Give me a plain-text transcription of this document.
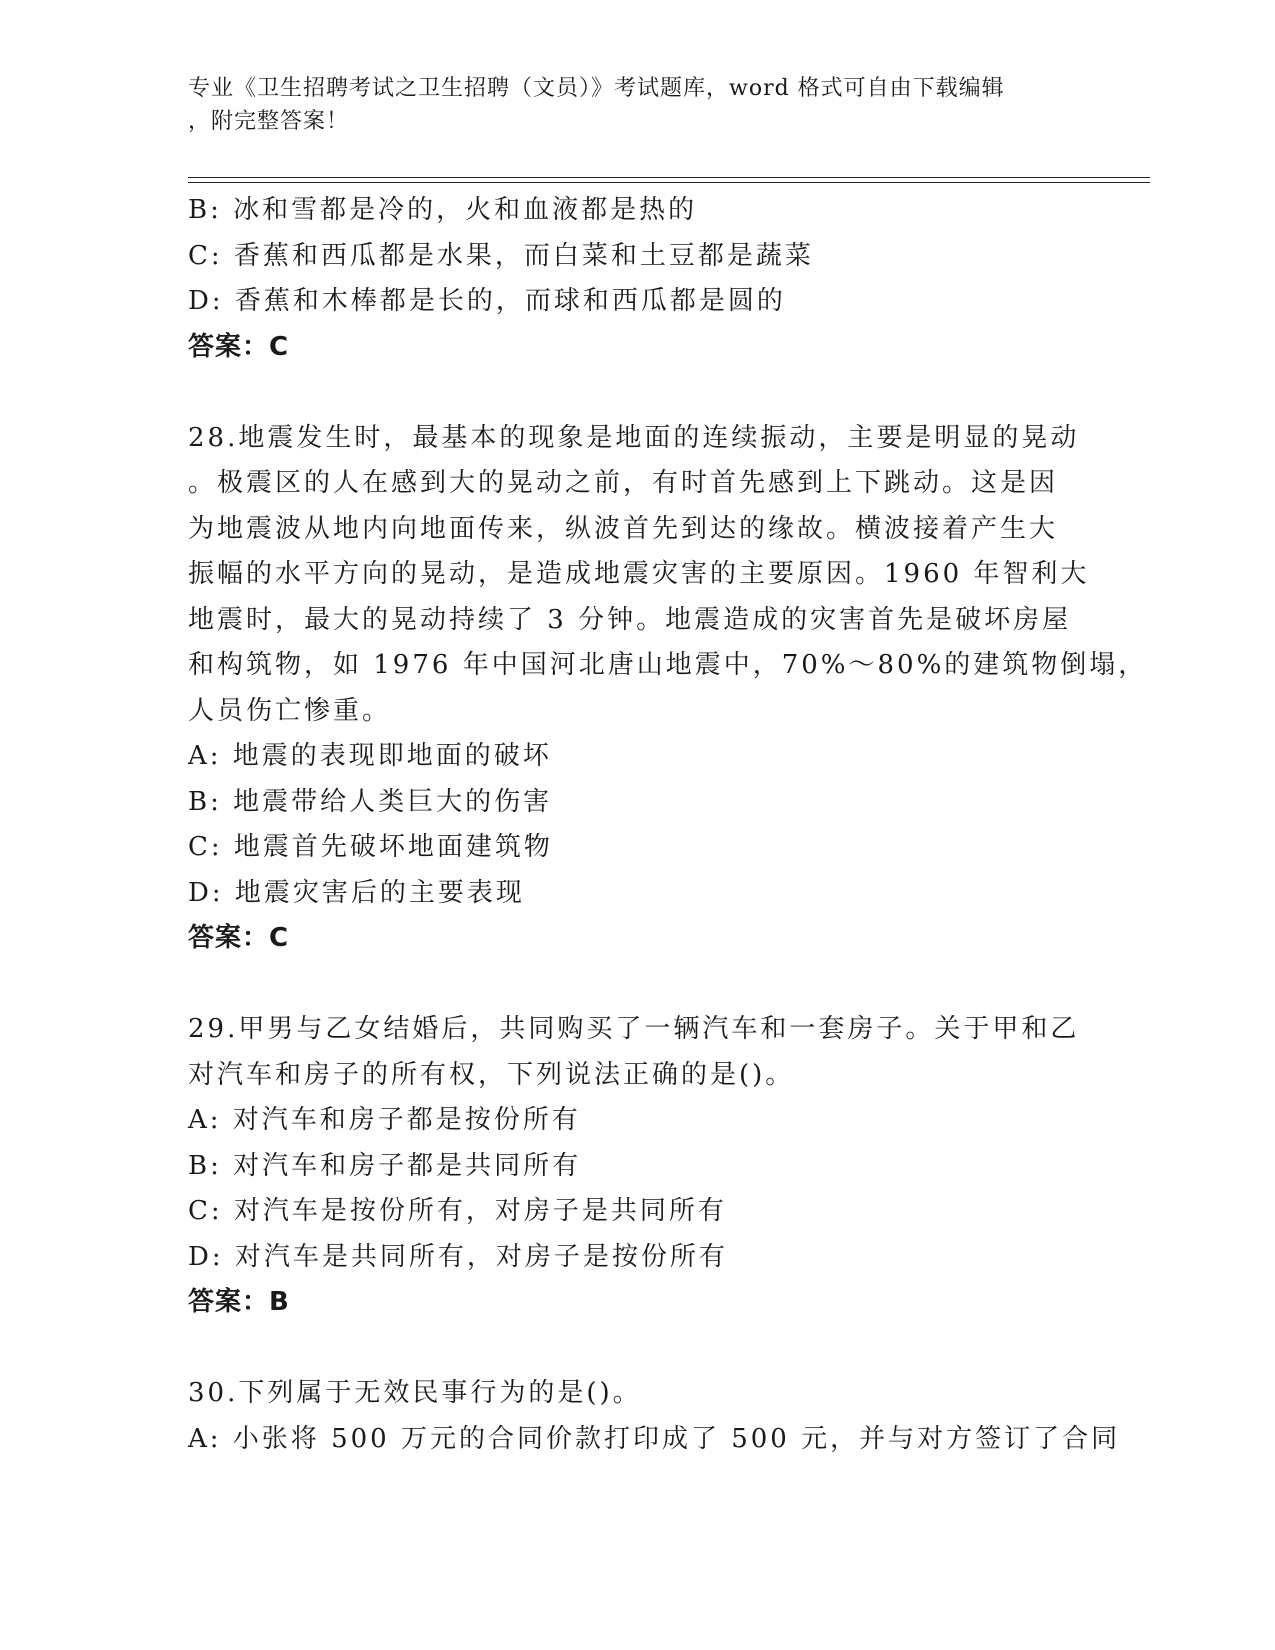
专业《卫生招聘考试之卫生招聘（文员）》考试题库，word 格式可自由下载编辑
，附完整答案！
B: 冰和雪都是冷的，火和血液都是热的
C: 香蕉和西瓜都是水果，而白菜和土豆都是蔬菜
D: 香蕉和木棒都是长的，而球和西瓜都是圆的
答案：C
28.地震发生时，最基本的现象是地面的连续振动，主要是明显的晃动
。极震区的人在感到大的晃动之前，有时首先感到上下跳动。这是因
为地震波从地内向地面传来，纵波首先到达的缘故。横波接着产生大
振幅的水平方向的晃动，是造成地震灾害的主要原因。1960 年智利大
地震时，最大的晃动持续了 3 分钟。地震造成的灾害首先是破坏房屋
和构筑物，如 1976 年中国河北唐山地震中，70%～80%的建筑物倒塌，
人员伤亡惨重。
A: 地震的表现即地面的破坏
B: 地震带给人类巨大的伤害
C: 地震首先破坏地面建筑物
D: 地震灾害后的主要表现
答案：C
29.甲男与乙女结婚后，共同购买了一辆汽车和一套房子。关于甲和乙
对汽车和房子的所有权，下列说法正确的是()。
A: 对汽车和房子都是按份所有
B: 对汽车和房子都是共同所有
C: 对汽车是按份所有，对房子是共同所有
D: 对汽车是共同所有，对房子是按份所有
答案：B
30.下列属于无效民事行为的是()。
A: 小张将 500 万元的合同价款打印成了 500 元，并与对方签订了合同
